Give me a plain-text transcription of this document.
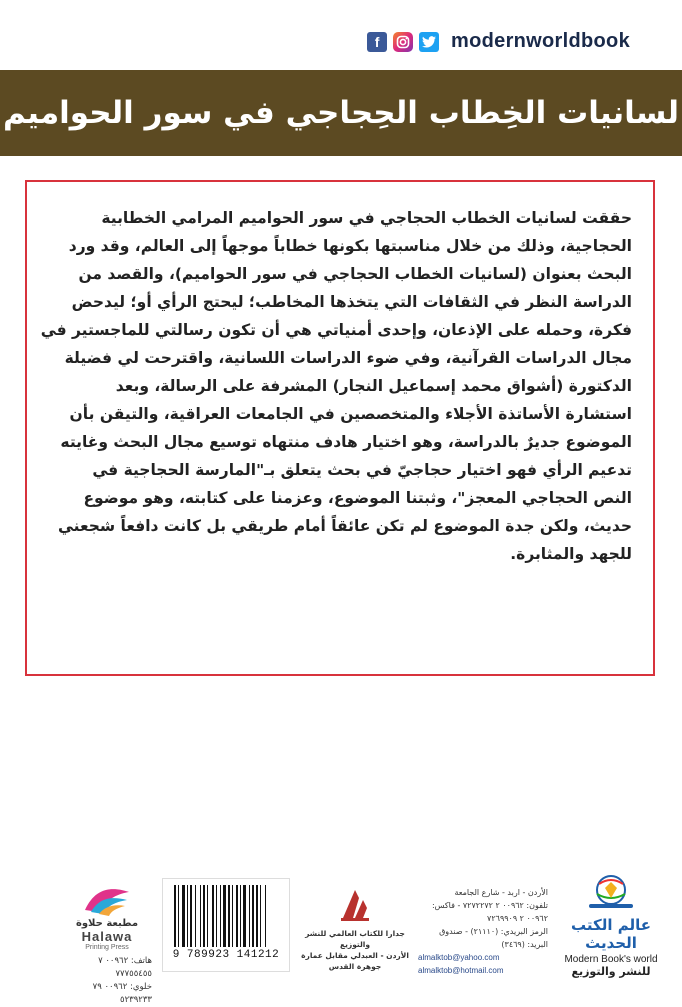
f	modernworldbook
لسانيات الخِطاب الحِجاجي في سور الحواميم
حققت لسانيات الخطاب الحجاجي في سور الحواميم المرامي الخطابية
الحجاجية، وذلك من خلال مناسبتها بكونها خطاباً موجهاً إلى العالم، وقد ورد
البحث بعنوان (لسانيات الخطاب الحجاجي في سور الحواميم)، والقصد من
الدراسة النظر في الثقافات التي يتخذها المخاطب؛ ليحتج الرأي أو؛ ليدحض
فكرة، وحمله على الإذعان، وإحدى أمنياتي هي أن تكون رسالتي للماجستير في
مجال الدراسات القرآنية، وفي ضوء الدراسات اللسانية، واقترحت لي فضيلة
الدكتورة (أشواق محمد إسماعيل النجار) المشرفة على الرسالة، وبعد
استشارة الأساتذة الأجلاء والمتخصصين في الجامعات العراقية، والتيقن بأن
الموضوع جديرٌ بالدراسة، وهو اختيار هادف منتهاه توسيع مجال البحث وغايته
تدعيم الرأي فهو اختيار حجاجيّ في بحث يتعلق بـ"المارسة الحجاجية في
النص الحجاجي المعجز"، وثبتنا الموضوع، وعزمنا على كتابته، وهو موضوع
حديث، ولكن جدة الموضوع لم تكن عائقاً أمام طريقي بل كانت دافعاً شجعني
للجهد والمثابرة.
مطبعة حلاوة
Halawa
Printing Press
هاتف: ٠٠٩٦٢ ٧ ٧٧٧٥٥٤٥٥
خلوي: ٠٠٩٦٢ ٧٩ ٥٢٣٩٢٣٣
9 789923 141212
جدارا للكتاب العالمي للنشر والتوزيع
الأردن - العبدلي مقابل عمارة جوهرة القدس
الأردن - اربد - شارع الجامعة
تلفون: ٠٠٩٦٢ ٢ ٧٢٧٢٢٧٢ - فاكس: ٠٠٩٦٢ ٢ ٧٢٦٩٩٠٩
الرمز البريدي: (٢١١١٠) - صندوق البريد: (٣٤٦٩)
almalktob@yahoo.com
almalktob@hotmail.com
عالم الكتب الحديث
Modern Book's world
للنشر والتوزيع
